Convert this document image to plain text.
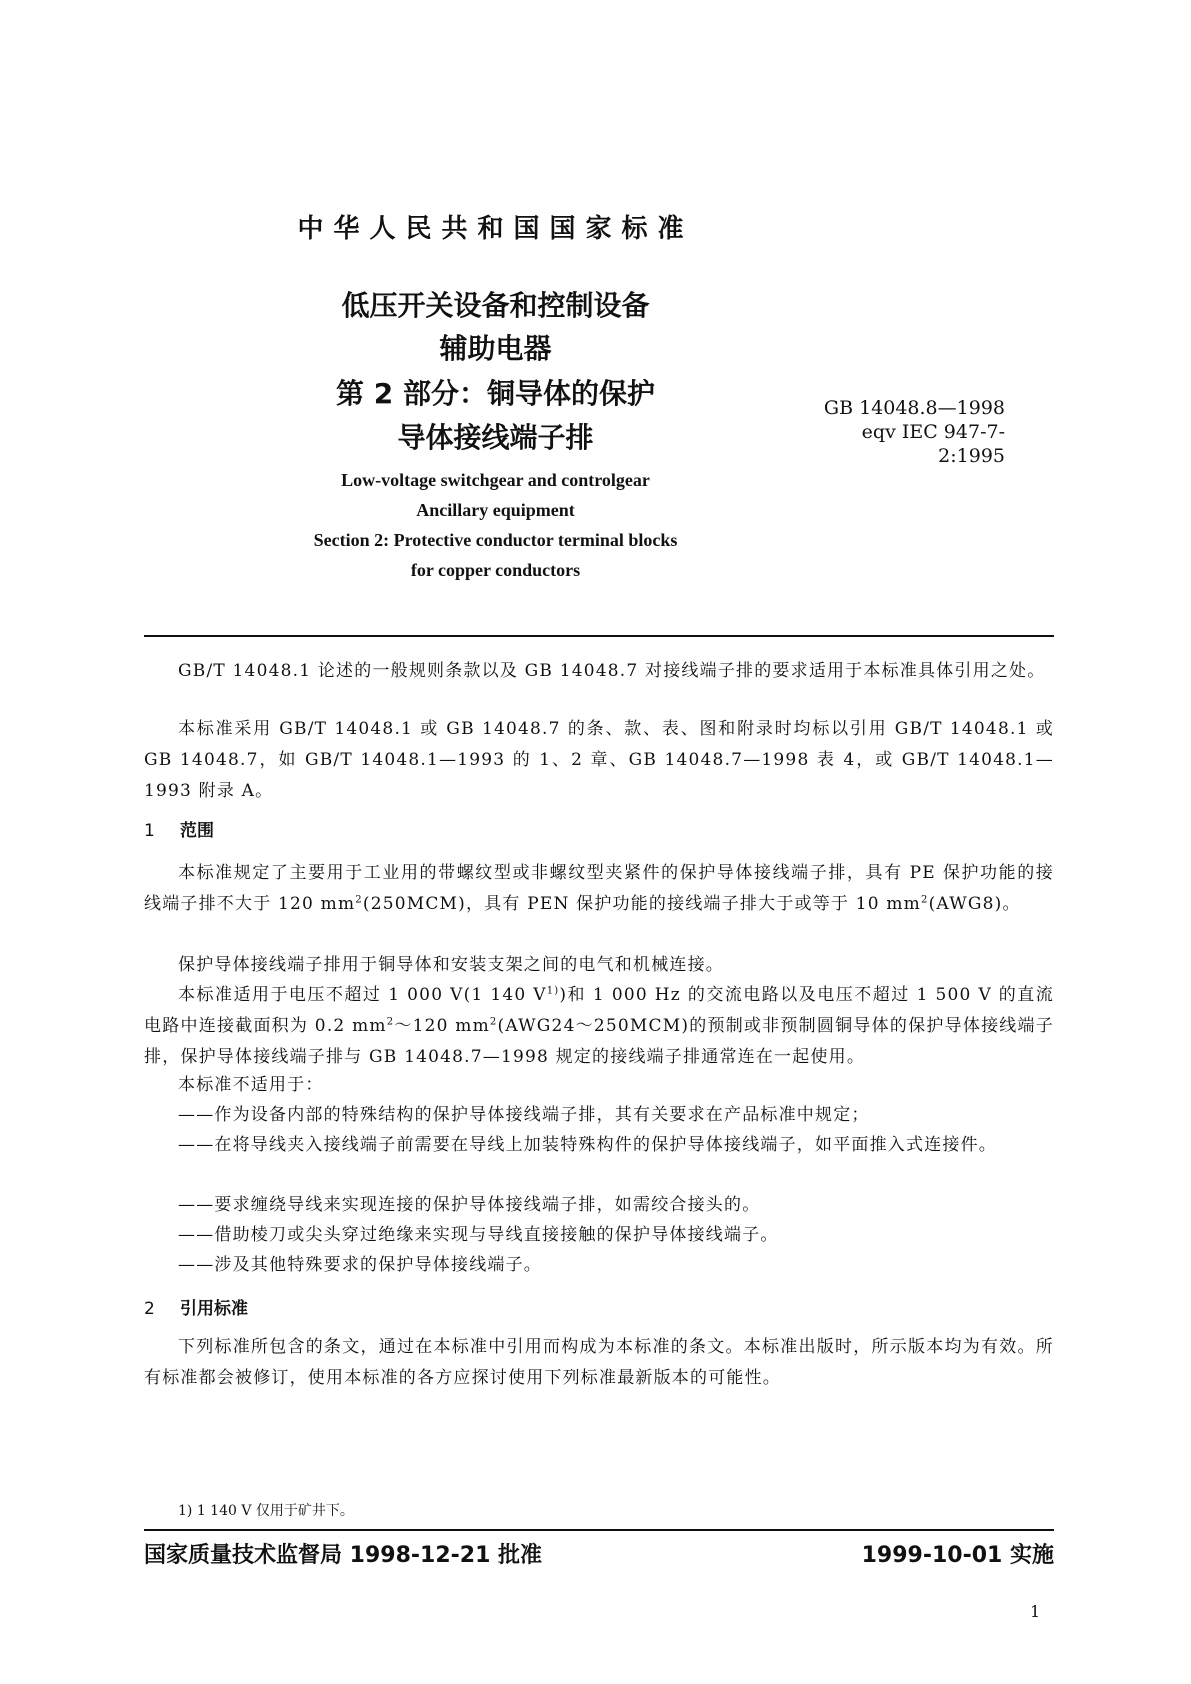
中华人民共和国国家标准
低压开关设备和控制设备
辅助电器
第 2 部分：铜导体的保护
导体接线端子排
GB 14048.8—1998
eqv IEC 947-7-2:1995
Low-voltage switchgear and controlgear
Ancillary equipment
Section 2: Protective conductor terminal blocks
for copper conductors
GB/T 14048.1 论述的一般规则条款以及 GB 14048.7 对接线端子排的要求适用于本标准具体引用之处。
本标准采用 GB/T 14048.1 或 GB 14048.7 的条、款、表、图和附录时均标以引用 GB/T 14048.1 或 GB 14048.7，如 GB/T 14048.1—1993 的 1、2 章、GB 14048.7—1998 表 4，或 GB/T 14048.1—1993 附录 A。
1 范围
本标准规定了主要用于工业用的带螺纹型或非螺纹型夹紧件的保护导体接线端子排，具有 PE 保护功能的接线端子排不大于 120 $mm^2(250MCM)$，具有 PEN 保护功能的接线端子排大于或等于 10 $mm^2(AWG8)$。
保护导体接线端子排用于铜导体和安装支架之间的电气和机械连接。
本标准适用于电压不超过 1 000 V(1 140 $V^{1)}$)和 1 000 Hz 的交流电路以及电压不超过 1 500 V 的直流电路中连接截面积为 0.2 $mm^2\sim 120$ $mm^2(AWG24\sim 250MCM)$的预制或非预制圆铜导体的保护导体接线端子排，保护导体接线端子排与 GB 14048.7—1998 规定的接线端子排通常连在一起使用。
本标准不适用于：
——作为设备内部的特殊结构的保护导体接线端子排，其有关要求在产品标准中规定；
——在将导线夹入接线端子前需要在导线上加装特殊构件的保护导体接线端子，如平面推入式连接件。
——要求缠绕导线来实现连接的保护导体接线端子排，如需绞合接头的。
——借助棱刀或尖头穿过绝缘来实现与导线直接接触的保护导体接线端子。
——涉及其他特殊要求的保护导体接线端子。
2 引用标准
下列标准所包含的条文，通过在本标准中引用而构成为本标准的条文。本标准出版时，所示版本均为有效。所有标准都会被修订，使用本标准的各方应探讨使用下列标准最新版本的可能性。
1) 1 140 V 仅用于矿井下。
国家质量技术监督局 1998-12-21 批准	1999-10-01 实施
1
